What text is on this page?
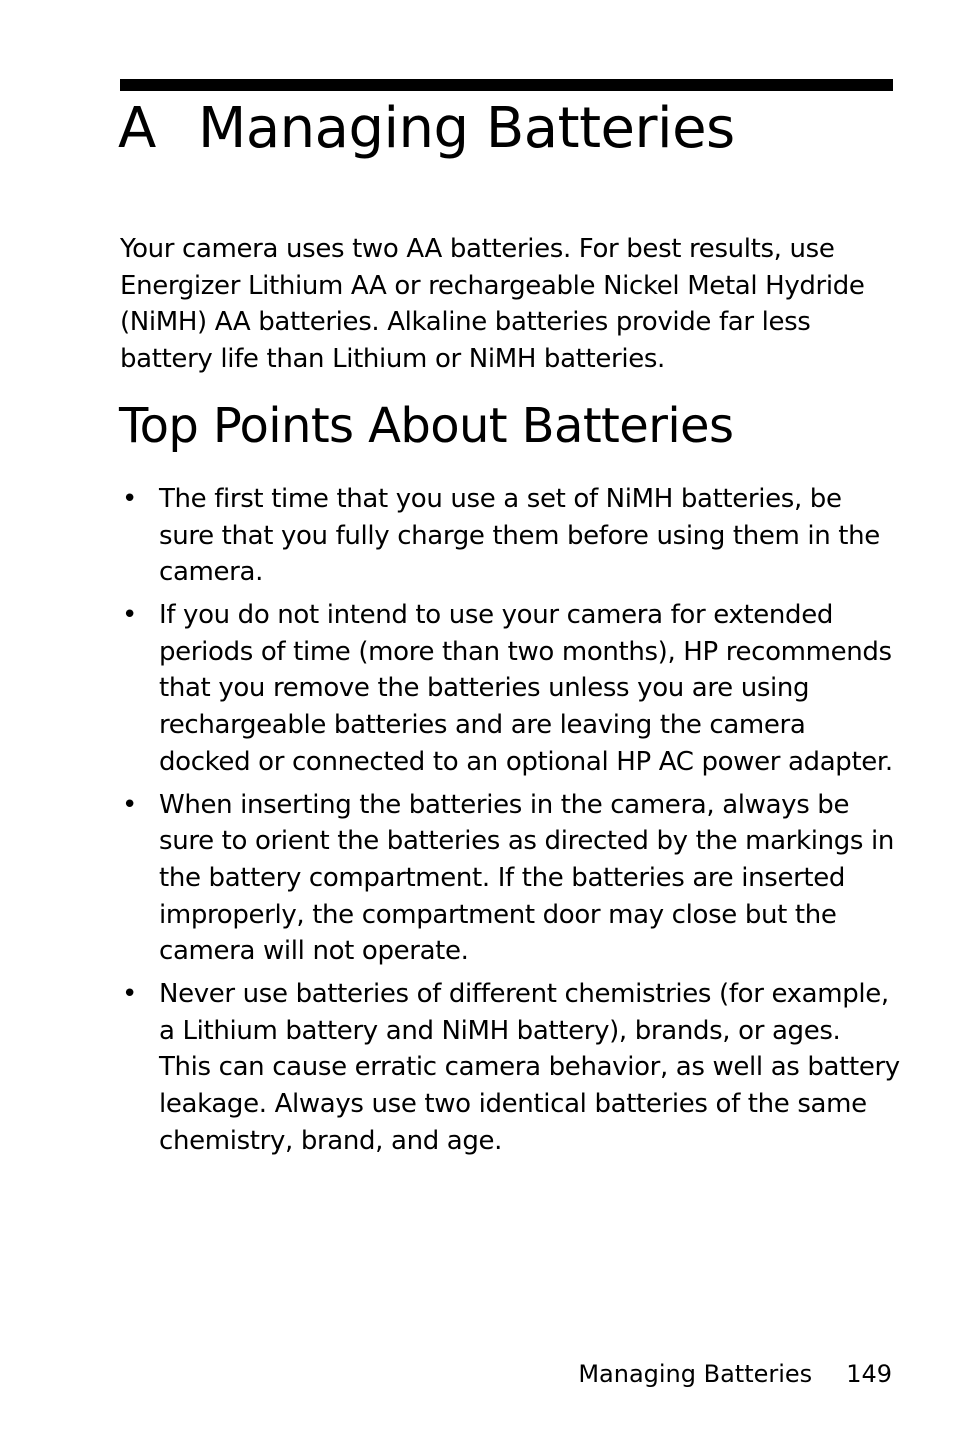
A Managing Batteries

Your camera uses two AA batteries. For best results, use Energizer Lithium AA or rechargeable Nickel Metal Hydride (NiMH) AA batteries. Alkaline batteries provide far less battery life than Lithium or NiMH batteries.

Top Points About Batteries
• The first time that you use a set of NiMH batteries, be sure that you fully charge them before using them in the camera.
• If you do not intend to use your camera for extended periods of time (more than two months), HP recommends that you remove the batteries unless you are using rechargeable batteries and are leaving the camera docked or connected to an optional HP AC power adapter.
• When inserting the batteries in the camera, always be sure to orient the batteries as directed by the markings in the battery compartment. If the batteries are inserted improperly, the compartment door may close but the camera will not operate.
• Never use batteries of different chemistries (for example, a Lithium battery and NiMH battery), brands, or ages. This can cause erratic camera behavior, as well as battery leakage. Always use two identical batteries of the same chemistry, brand, and age.
Managing Batteries 149
